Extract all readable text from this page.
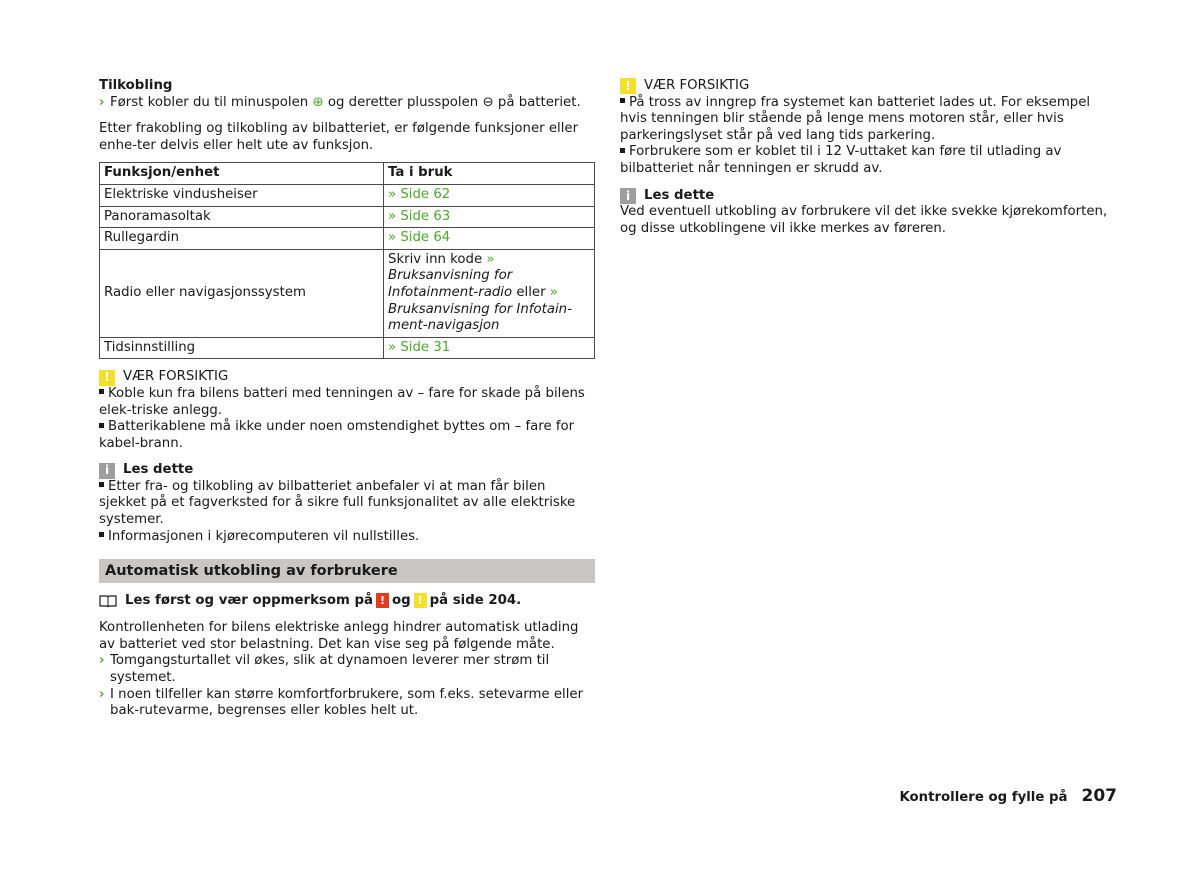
Tilkobling

› Først kobler du til minuspolen ⊕ og deretter plusspolen ⊖ på batteriet.

Etter frakobling og tilkobling av bilbatteriet, er følgende funksjoner eller enhe-ter delvis eller helt ute av funksjon.

Funksjon/enhet	Ta i bruk
Elektriske vindusheiser	» Side 62
Panoramasoltak	» Side 63
Rullegardin	» Side 64
Radio eller navigasjonssystem	Skriv inn kode » Bruksanvisning for Infotainment-radio eller » Bruksanvisning for Infotain-ment-navigasjon
Tidsinnstilling	» Side 31
! VÆR FORSIKTIG

Koble kun fra bilens batteri med tenningen av – fare for skade på bilens elek-triske anlegg.

Batterikablene må ikke under noen omstendighet byttes om – fare for kabel-brann.

i	Les dette

Etter fra- og tilkobling av bilbatteriet anbefaler vi at man får bilen sjekket på et fagverksted for å sikre full funksjonalitet av alle elektriske systemer.

Informasjonen i kjørecomputeren vil nullstilles.

Automatisk utkobling av forbrukere
Les først og vær oppmerksom på ! og ! på side 204.

Kontrollenheten for bilens elektriske anlegg hindrer automatisk utlading av batteriet ved stor belastning. Det kan vise seg på følgende måte.

› Tomgangsturtallet vil økes, slik at dynamoen leverer mer strøm til systemet.
› I noen tilfeller kan større komfortforbrukere, som f.eks. setevarme eller bak-rutevarme, begrenses eller kobles helt ut.
! VÆR FORSIKTIG

På tross av inngrep fra systemet kan batteriet lades ut. For eksempel hvis tenningen blir stående på lenge mens motoren står, eller hvis parkeringslyset står på ved lang tids parkering.

Forbrukere som er koblet til i 12 V-uttaket kan føre til utlading av bilbatteriet når tenningen er skrudd av.

i	Les dette

Ved eventuell utkobling av forbrukere vil det ikke svekke kjørekomforten, og disse utkoblingene vil ikke merkes av føreren.

Kontrollere og fylle på 207
